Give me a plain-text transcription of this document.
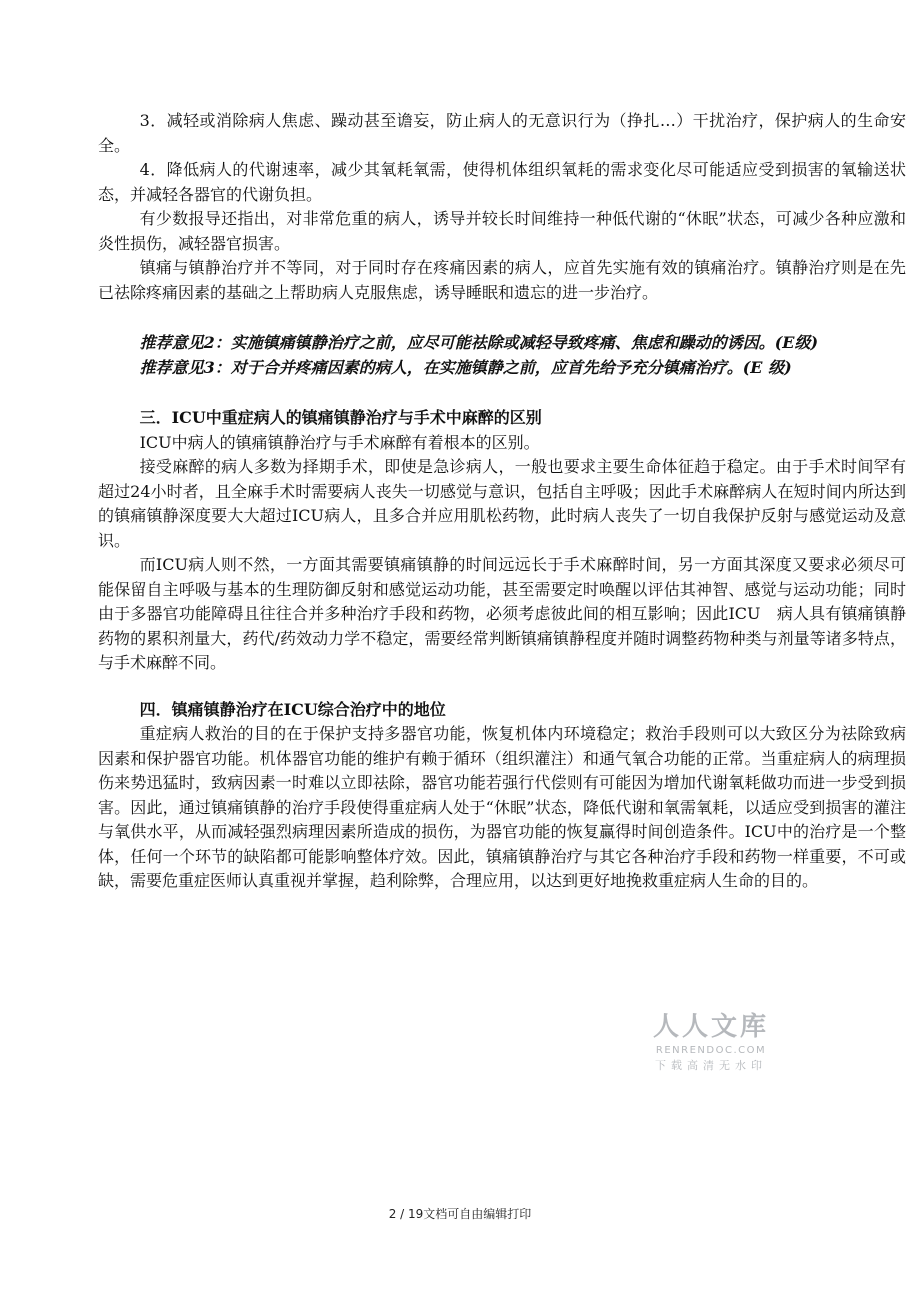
3．减轻或消除病人焦虑、躁动甚至谵妄，防止病人的无意识行为（挣扎…）干扰治疗，保护病人的生命安全。

4．降低病人的代谢速率，减少其氧耗氧需，使得机体组织氧耗的需求变化尽可能适应受到损害的氧输送状态，并减轻各器官的代谢负担。

有少数报导还指出，对非常危重的病人，诱导并较长时间维持一种低代谢的“休眠”状态，可减少各种应激和炎性损伤，减轻器官损害。

镇痛与镇静治疗并不等同，对于同时存在疼痛因素的病人，应首先实施有效的镇痛治疗。镇静治疗则是在先已祛除疼痛因素的基础之上帮助病人克服焦虑，诱导睡眠和遗忘的进一步治疗。

推荐意见2：实施镇痛镇静治疗之前，应尽可能祛除或减轻导致疼痛、焦虑和躁动的诱因。(E级)

推荐意见3：对于合并疼痛因素的病人，在实施镇静之前，应首先给予充分镇痛治疗。(E 级)

三．ICU中重症病人的镇痛镇静治疗与手术中麻醉的区别

ICU中病人的镇痛镇静治疗与手术麻醉有着根本的区别。

接受麻醉的病人多数为择期手术，即使是急诊病人，一般也要求主要生命体征趋于稳定。由于手术时间罕有超过24小时者，且全麻手术时需要病人丧失一切感觉与意识，包括自主呼吸；因此手术麻醉病人在短时间内所达到的镇痛镇静深度要大大超过ICU病人，且多合并应用肌松药物，此时病人丧失了一切自我保护反射与感觉运动及意识。

而ICU病人则不然，一方面其需要镇痛镇静的时间远远长于手术麻醉时间，另一方面其深度又要求必须尽可能保留自主呼吸与基本的生理防御反射和感觉运动功能，甚至需要定时唤醒以评估其神智、感觉与运动功能；同时由于多器官功能障碍且往往合并多种治疗手段和药物，必须考虑彼此间的相互影响；因此ICU　病人具有镇痛镇静药物的累积剂量大，药代/药效动力学不稳定，需要经常判断镇痛镇静程度并随时调整药物种类与剂量等诸多特点，与手术麻醉不同。

四．镇痛镇静治疗在ICU综合治疗中的地位

重症病人救治的目的在于保护支持多器官功能，恢复机体内环境稳定；救治手段则可以大致区分为祛除致病因素和保护器官功能。机体器官功能的维护有赖于循环（组织灌注）和通气氧合功能的正常。当重症病人的病理损伤来势迅猛时，致病因素一时难以立即祛除，器官功能若强行代偿则有可能因为增加代谢氧耗做功而进一步受到损害。因此，通过镇痛镇静的治疗手段使得重症病人处于“休眠”状态，降低代谢和氧需氧耗，以适应受到损害的灌注与氧供水平，从而减轻强烈病理因素所造成的损伤，为器官功能的恢复赢得时间创造条件。ICU中的治疗是一个整体，任何一个环节的缺陷都可能影响整体疗效。因此，镇痛镇静治疗与其它各种治疗手段和药物一样重要，不可或缺，需要危重症医师认真重视并掌握，趋利除弊，合理应用，以达到更好地挽救重症病人生命的目的。

人人文库
RENRENDOC.COM
下载高清无水印
2 / 19文档可自由编辑打印
